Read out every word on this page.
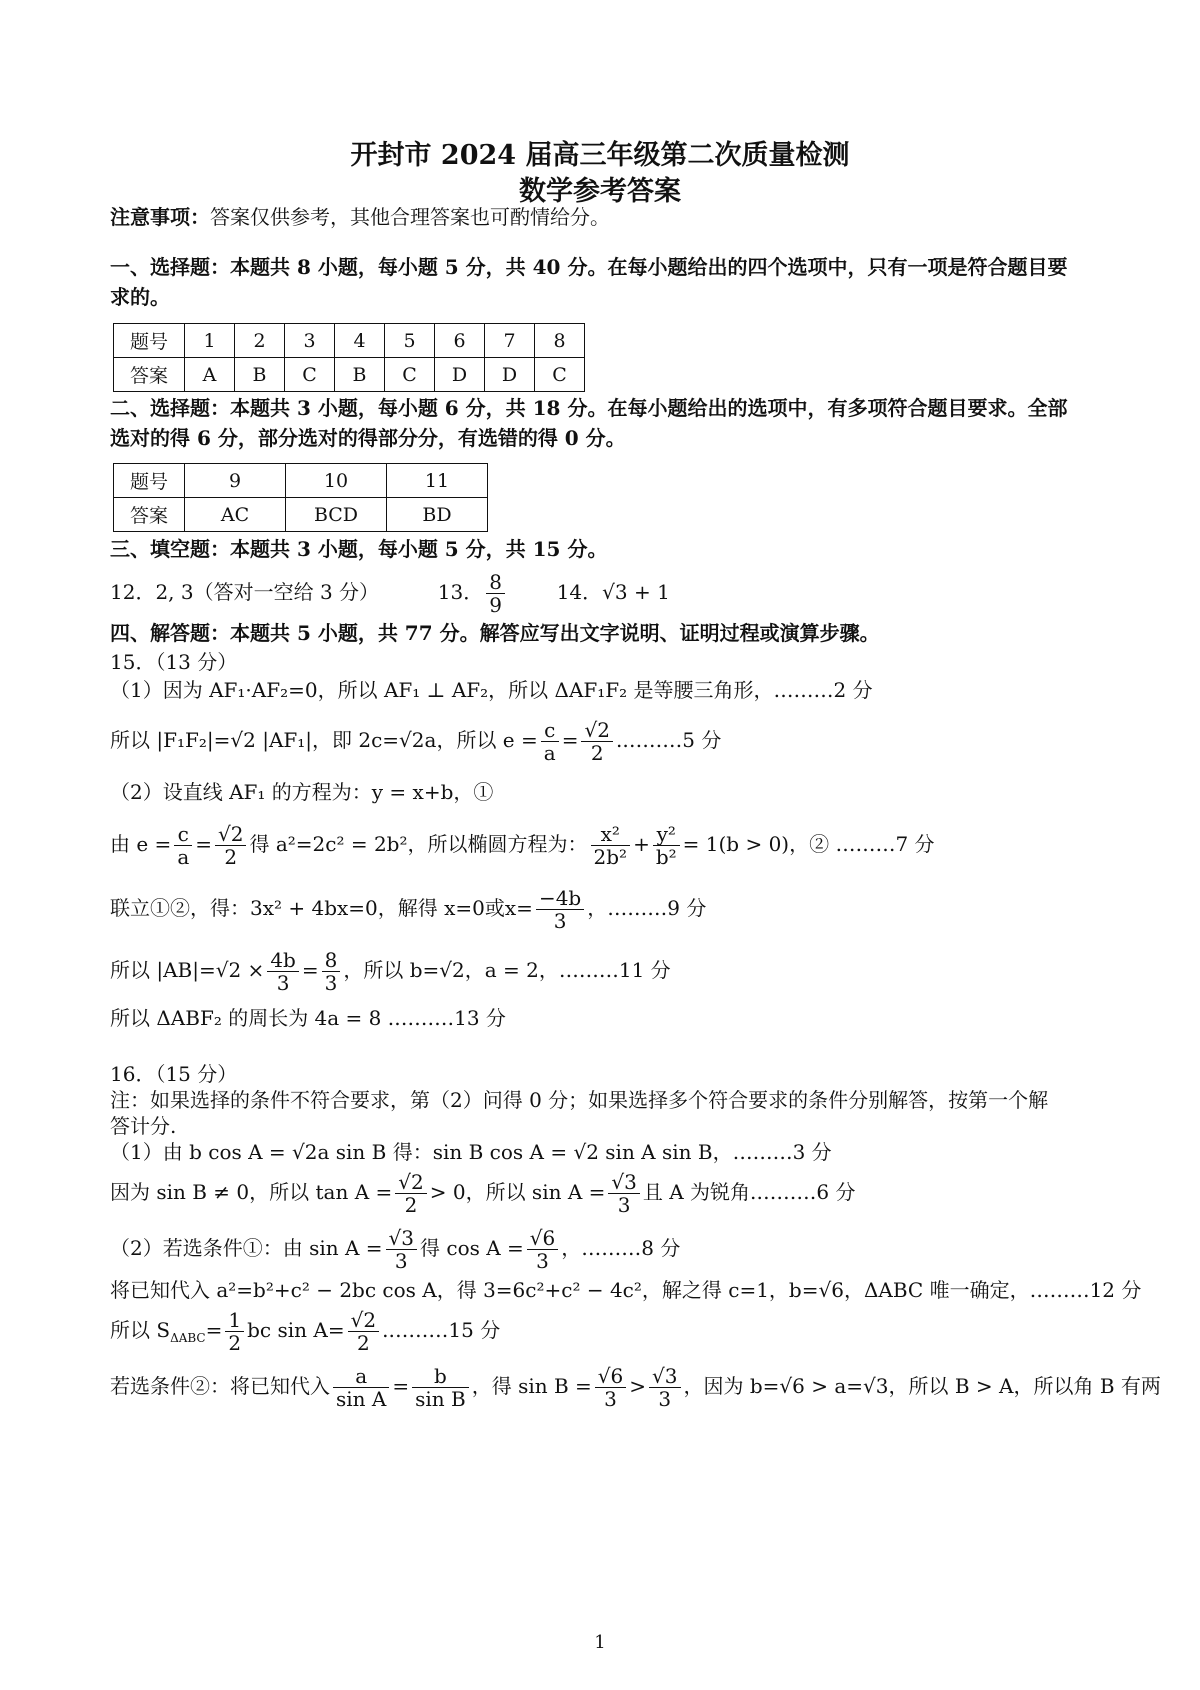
开封市 2024 届高三年级第二次质量检测
数学参考答案
注意事项：答案仅供参考，其他合理答案也可酌情给分。
一、选择题：本题共 8 小题，每小题 5 分，共 40 分。在每小题给出的四个选项中，只有一项是符合题目要
求的。
题号	1	2	3	4	5	6	7	8
答案	A	B	C	B	C	D	D	C
二、选择题：本题共 3 小题，每小题 6 分，共 18 分。在每小题给出的选项中，有多项符合题目要求。全部
选对的得 6 分，部分选对的得部分分，有选错的得 0 分。
题号	9	10	11
答案	AC	BCD	BD
三、填空题：本题共 3 小题，每小题 5 分，共 15 分。
12．2, 3（答对一空给 3 分）	13． $\frac{8}{9}$	14．√3 + 1
四、解答题：本题共 5 小题，共 77 分。解答应写出文字说明、证明过程或演算步骤。
15．（13 分）
（1）因为 AF₁·AF₂=0，所以 AF₁ ⊥ AF₂，所以 ΔAF₁F₂ 是等腰三角形，………2 分
所以 |F₁F₂|=√2 |AF₁|，即 2c=√2a，所以 $e = \frac{c}{a} = \frac{√2}{2}$ .………5 分
（2）设直线 AF₁ 的方程为：y = x+b，①
由 $e = \frac{c}{a} = \frac{√2}{2}$ 得 a²=2c² = 2b²，所以椭圆方程为： $\frac{\text{x²}}{\text{2b²}} + \frac{\text{y²}}{\text{b²}} = 1(b > 0)$，② ………7 分
联立①②，得：3x² + 4bx=0，解得 x=0或$x= \frac{-4b}{3}$ ，………9 分
所以 $|AB|=√2 \times \frac{4b}{3} = \frac{8}{3}$ ，所以 b=√2，a = 2，………11 分
所以 ΔABF₂ 的周长为 4a = 8 .………13 分
16．（15 分）
注：如果选择的条件不符合要求，第（2）问得 0 分；如果选择多个符合要求的条件分别解答，按第一个解
答计分.
（1）由 b cos A = √2a sin B 得：sin B cos A = √2 sin A sin B，………3 分
因为 sin B ≠ 0，所以 $\tan A = \frac{√2}{2} > 0$，所以 $\sin A = \frac{√3}{3}$ 且 A 为锐角.………6 分
（2）若选条件①：由 $\sin A = \frac{√3}{3}$ 得 $\cos A = \frac{√6}{3}$ ，………8 分
将已知代入 a²=b²+c² − 2bc cos A，得 3=6c²+c² − 4c²，解之得 c=1，b=√6，ΔABC 唯一确定，………12 分
所以 $S_{\Delta ABC}= \frac{1}{2}$ bc $\sin A= \frac{√2}{2}$ .………15 分
若选条件②：将已知代入 $\frac{a}{\text{sin A}} = \frac{b}{\text{sin B}}$ ，得 $\sin B = \frac{√6}{3} > \frac{√3}{3}$ ，因为 b=√6 > a=√3，所以 B > A，所以角 B 有两
1
